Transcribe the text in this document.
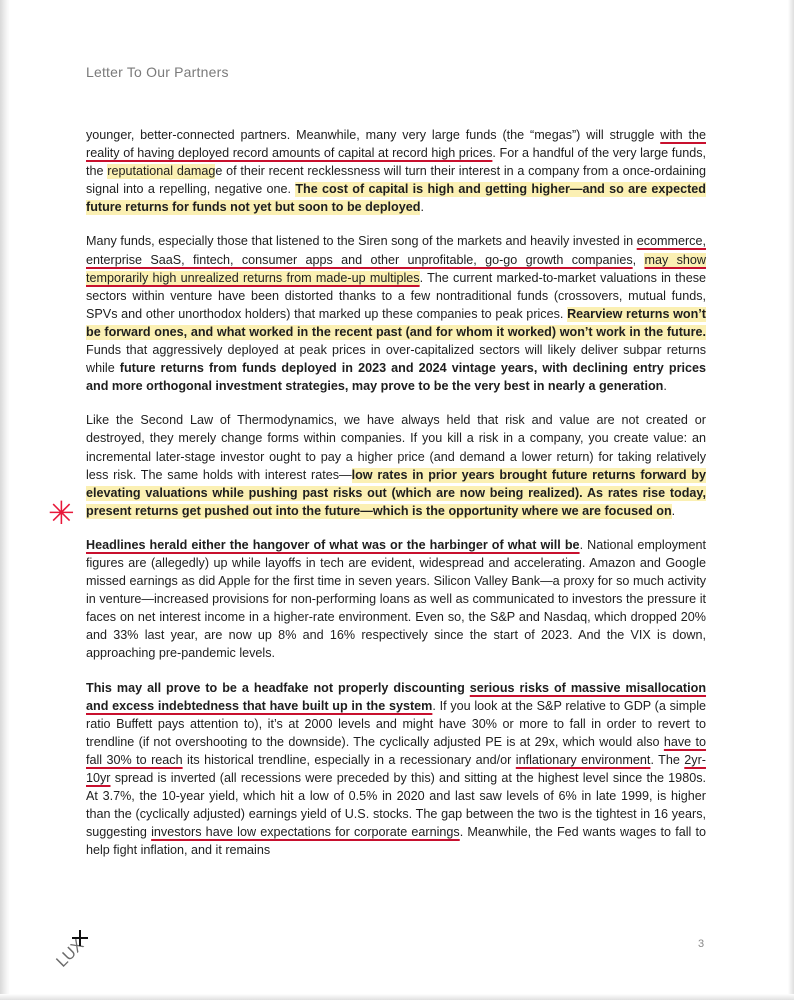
Letter To Our Partners

younger, better-connected partners. Meanwhile, many very large funds (the “megas”) will struggle with the reality of having deployed record amounts of capital at record high prices. For a handful of the very large funds, the reputational damage of their recent recklessness will turn their interest in a company from a once-ordaining signal into a repelling, negative one. The cost of capital is high and getting higher—and so are expected future returns for funds not yet but soon to be deployed.

Many funds, especially those that listened to the Siren song of the markets and heavily invested in ecommerce, enterprise SaaS, fintech, consumer apps and other unprofitable, go-go growth companies, may show temporarily high unrealized returns from made-up multiples. The current marked-to-market valuations in these sectors within venture have been distorted thanks to a few nontraditional funds (crossovers, mutual funds, SPVs and other unorthodox holders) that marked up these companies to peak prices. Rearview returns won’t be forward ones, and what worked in the recent past (and for whom it worked) won’t work in the future. Funds that aggressively deployed at peak prices in over-capitalized sectors will likely deliver subpar returns while future returns from funds deployed in 2023 and 2024 vintage years, with declining entry prices and more orthogonal investment strategies, may prove to be the very best in nearly a generation.

Like the Second Law of Thermodynamics, we have always held that risk and value are not created or destroyed, they merely change forms within companies. If you kill a risk in a company, you create value: an incremental later-stage investor ought to pay a higher price (and demand a lower return) for taking relatively less risk. The same holds with interest rates—low rates in prior years brought future returns forward by elevating valuations while pushing past risks out (which are now being realized). As rates rise today, present returns get pushed out into the future—which is the opportunity where we are focused on.

Headlines herald either the hangover of what was or the harbinger of what will be. National employment figures are (allegedly) up while layoffs in tech are evident, widespread and accelerating. Amazon and Google missed earnings as did Apple for the first time in seven years. Silicon Valley Bank—a proxy for so much activity in venture—increased provisions for non-performing loans as well as communicated to investors the pressure it faces on net interest income in a higher-rate environment. Even so, the S&P and Nasdaq, which dropped 20% and 33% last year, are now up 8% and 16% respectively since the start of 2023. And the VIX is down, approaching pre-pandemic levels.

This may all prove to be a headfake not properly discounting serious risks of massive misallocation and excess indebtedness that have built up in the system. If you look at the S&P relative to GDP (a simple ratio Buffett pays attention to), it’s at 2000 levels and might have 30% or more to fall in order to revert to trendline (if not overshooting to the downside). The cyclically adjusted PE is at 29x, which would also have to fall 30% to reach its historical trendline, especially in a recessionary and/or inflationary environment. The 2yr-10yr spread is inverted (all recessions were preceded by this) and sitting at the highest level since the 1980s. At 3.7%, the 10-year yield, which hit a low of 0.5% in 2020 and last saw levels of 6% in late 1999, is higher than the (cyclically adjusted) earnings yield of U.S. stocks. The gap between the two is the tightest in 16 years, suggesting investors have low expectations for corporate earnings. Meanwhile, the Fed wants wages to fall to help fight inflation, and it remains

✳
LUX	3
